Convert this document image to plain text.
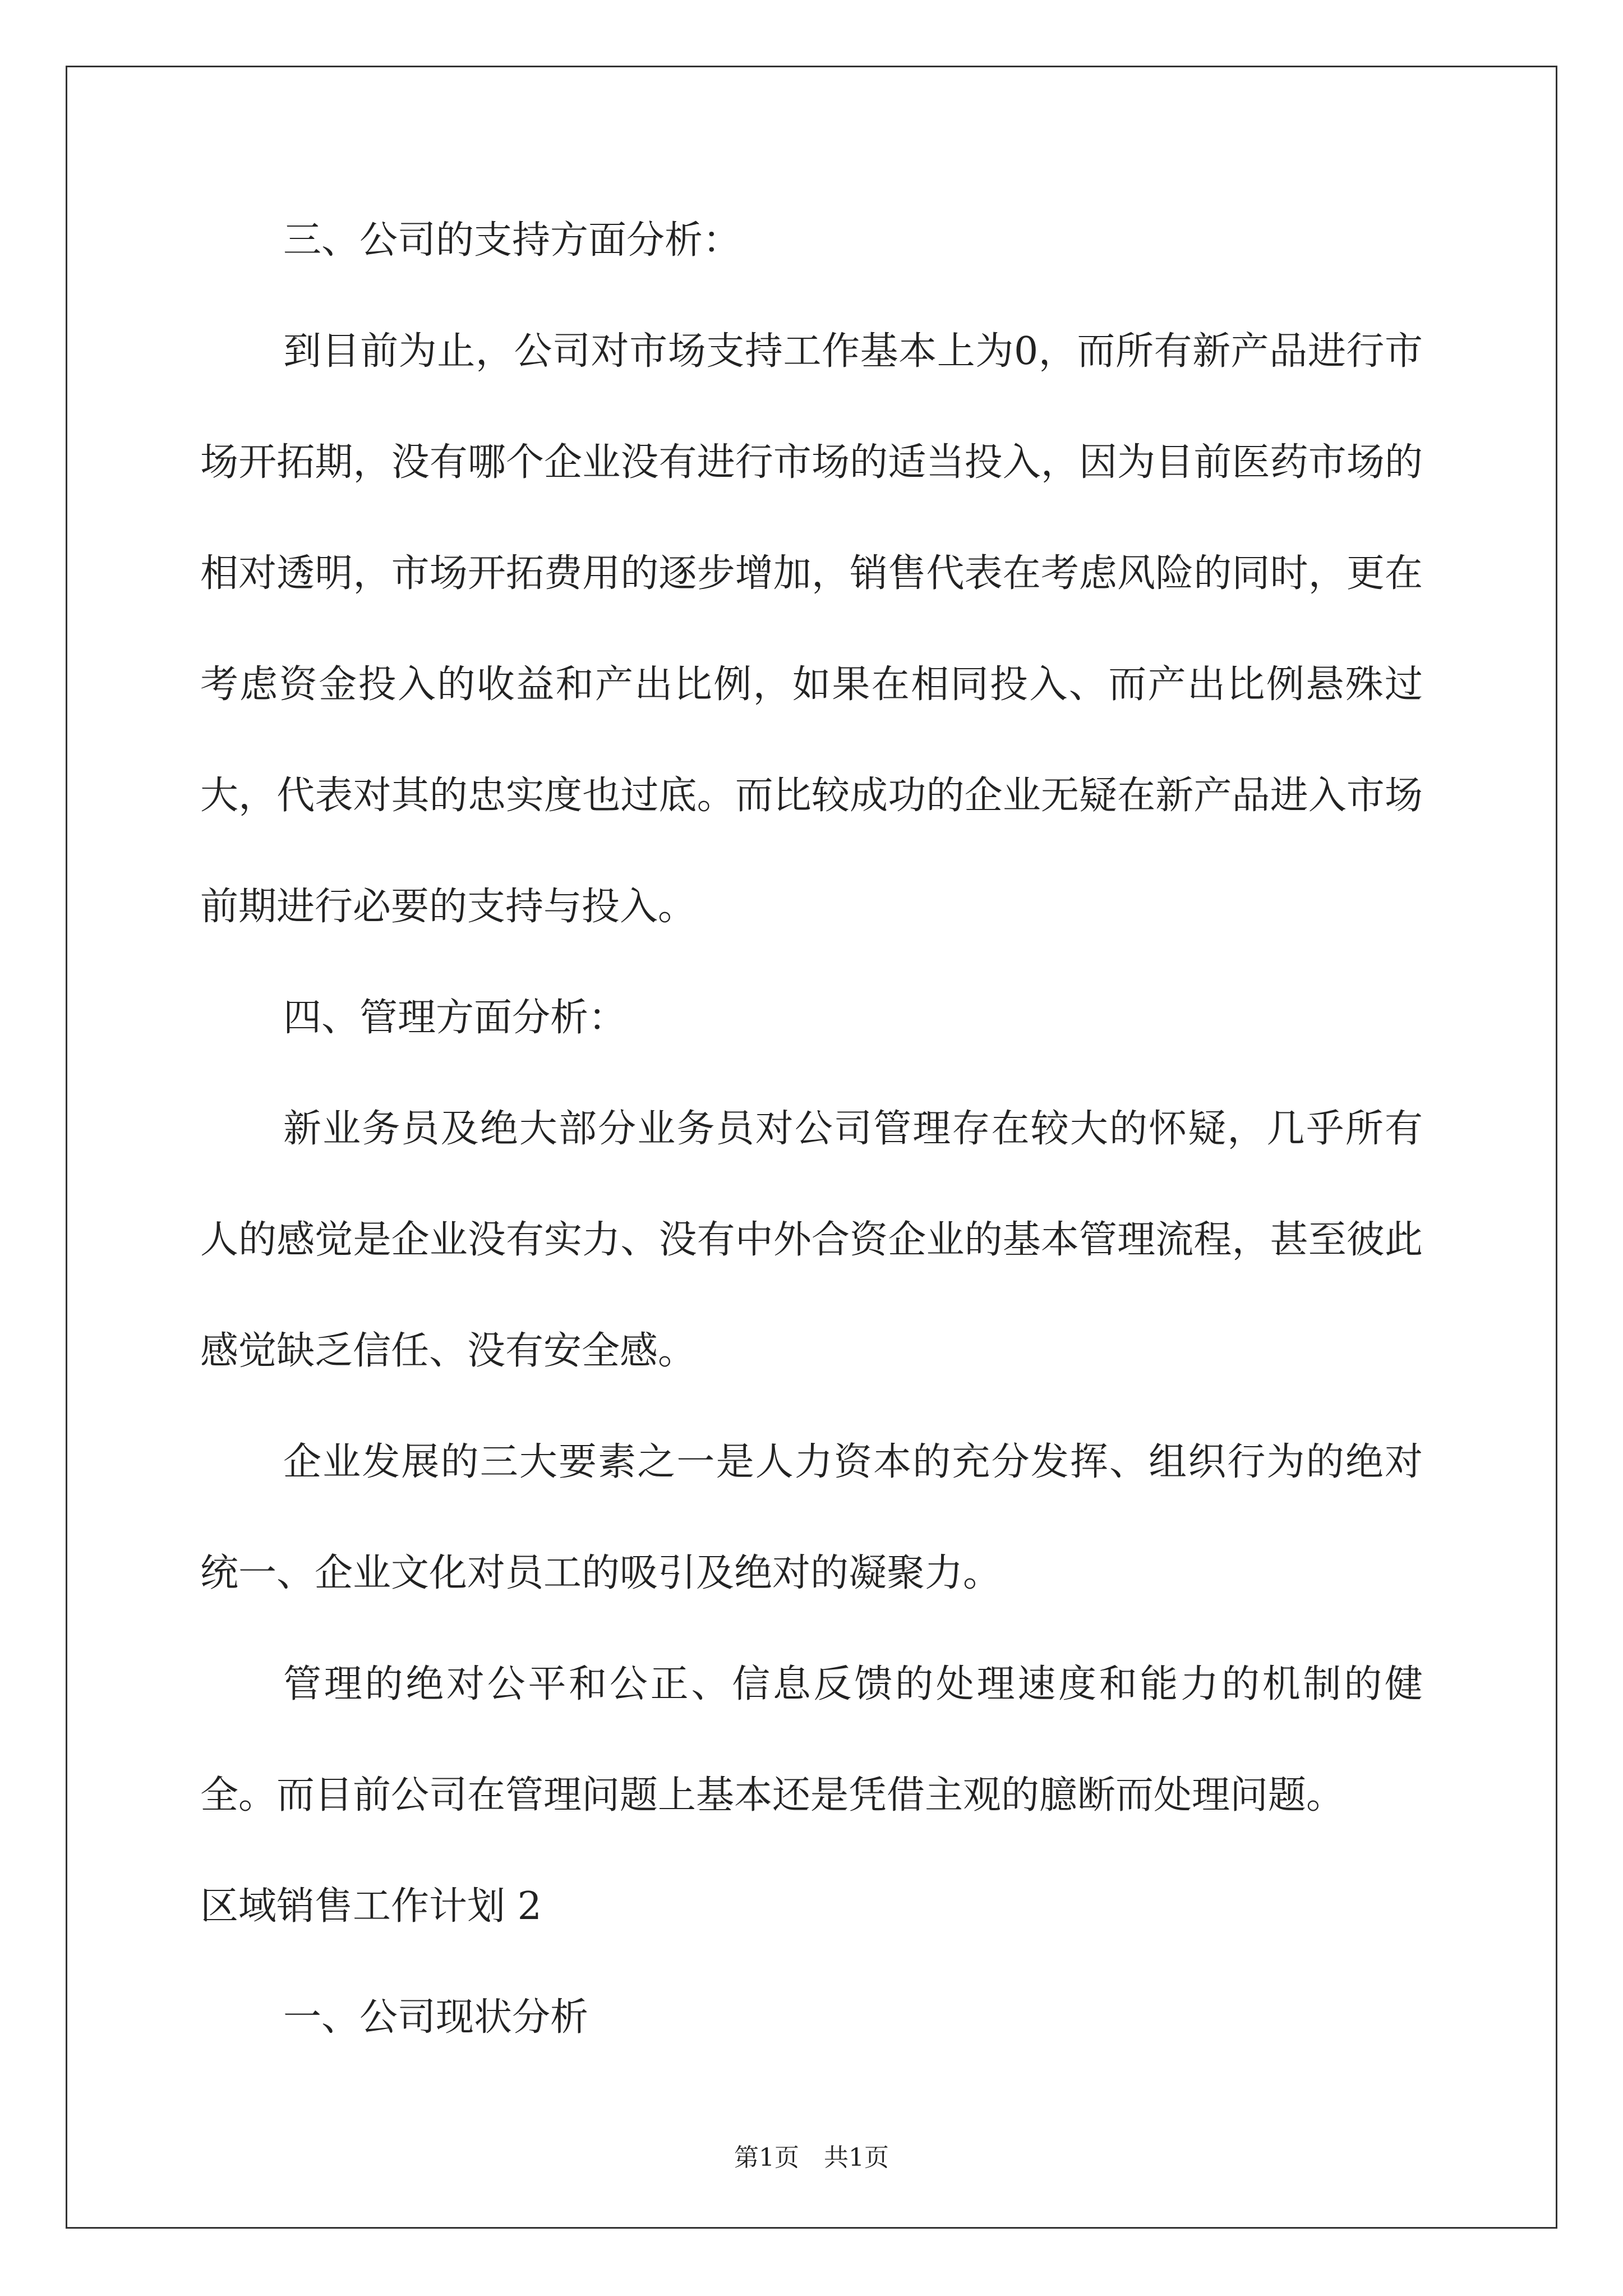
三、公司的支持方面分析：

到目前为止，公司对市场支持工作基本上为0，而所有新产品进行市场开拓期，没有哪个企业没有进行市场的适当投入，因为目前医药市场的相对透明，市场开拓费用的逐步增加，销售代表在考虑风险的同时，更在考虑资金投入的收益和产出比例，如果在相同投入、而产出比例悬殊过大，代表对其的忠实度也过底。而比较成功的企业无疑在新产品进入市场前期进行必要的支持与投入。

四、管理方面分析：

新业务员及绝大部分业务员对公司管理存在较大的怀疑，几乎所有人的感觉是企业没有实力、没有中外合资企业的基本管理流程，甚至彼此感觉缺乏信任、没有安全感。

企业发展的三大要素之一是人力资本的充分发挥、组织行为的绝对统一、企业文化对员工的吸引及绝对的凝聚力。

管理的绝对公平和公正、信息反馈的处理速度和能力的机制的健全。而目前公司在管理问题上基本还是凭借主观的臆断而处理问题。

区域销售工作计划 2

一、公司现状分析

第1页　共1页
